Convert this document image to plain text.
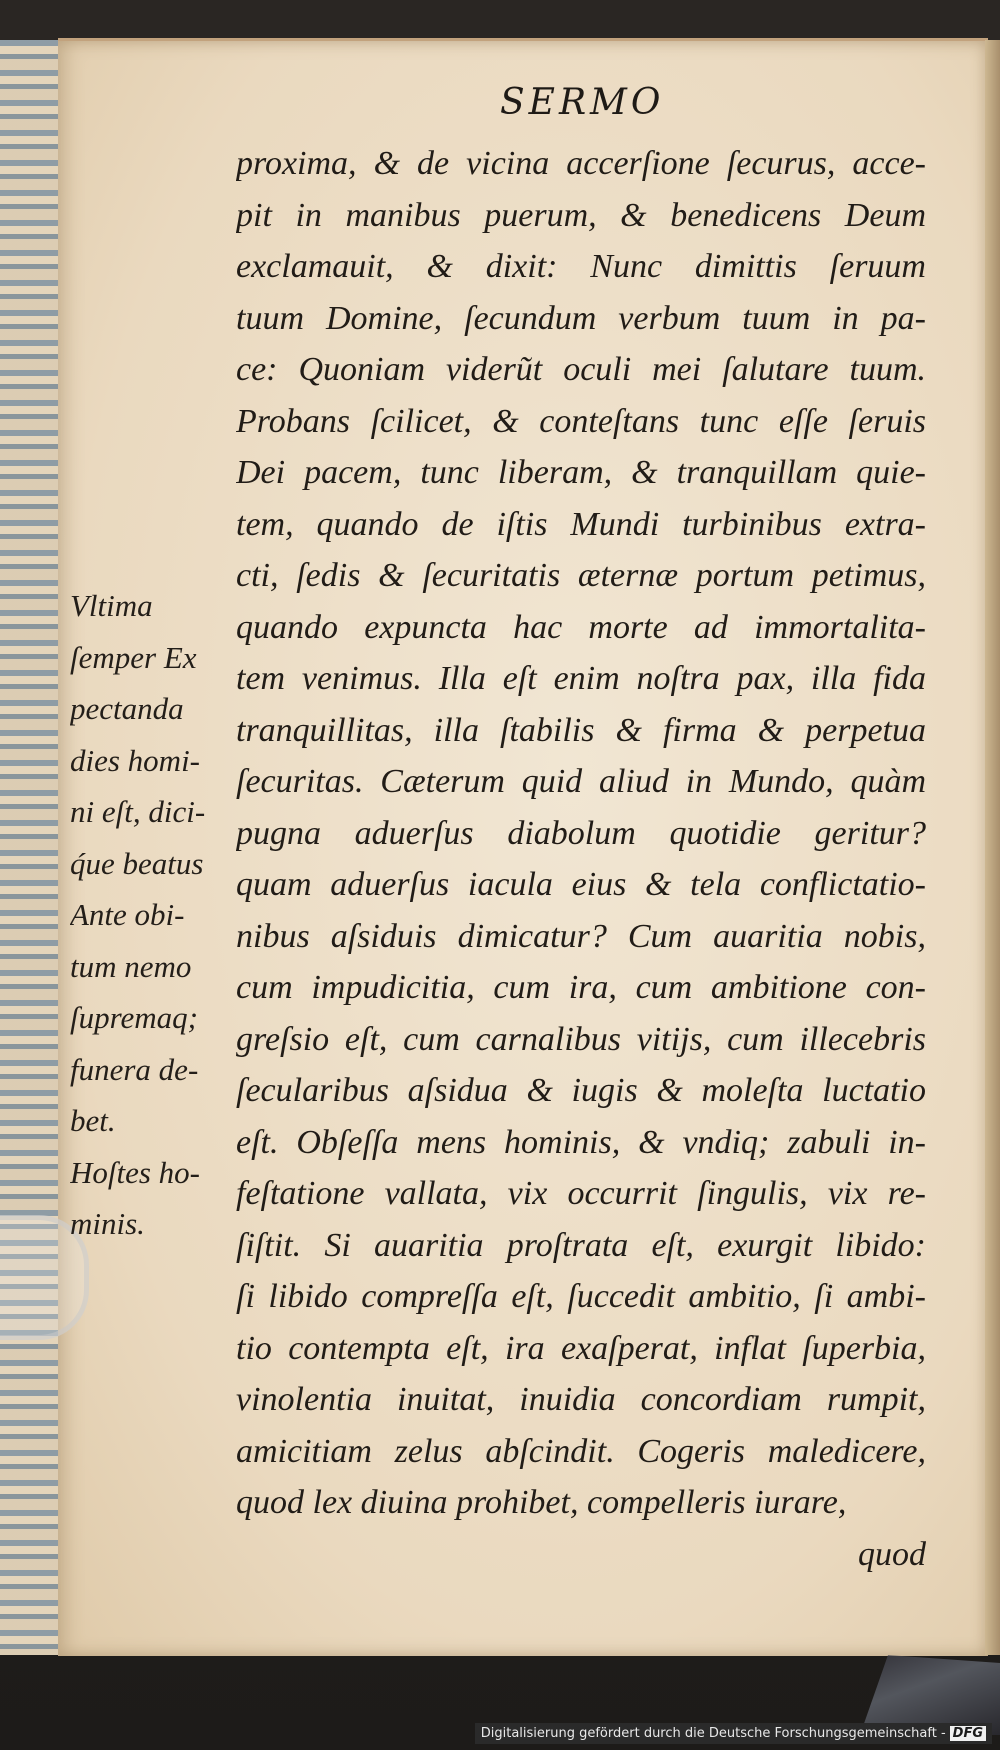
SERMO
proxima, & de vicina accerſione ſecurus, acce-
pit in manibus puerum, & benedicens Deum
exclamauit, & dixit: Nunc dimittis ſeruum
tuum Domine, ſecundum verbum tuum in pa-
ce: Quoniam viderũt oculi mei ſalutare tuum.
Probans ſcilicet, & conteſtans tunc eſſe ſeruis
Dei pacem, tunc liberam, & tranquillam quie-
tem, quando de iſtis Mundi turbinibus extra-
cti, ſedis & ſecuritatis æternæ portum petimus,
quando expuncta hac morte ad immortalita-
tem venimus. Illa eſt enim noſtra pax, illa fida
tranquillitas, illa ſtabilis & firma & perpetua
ſecuritas. Cæterum quid aliud in Mundo, quàm
pugna aduerſus diabolum quotidie geritur?
quam aduerſus iacula eius & tela conflictatio-
nibus aſsiduis dimicatur? Cum auaritia nobis,
cum impudicitia, cum ira, cum ambitione con-
greſsio eſt, cum carnalibus vitijs, cum illecebris
ſecularibus aſsidua & iugis & moleſta luctatio
eſt. Obſeſſa mens hominis, & vndiq; zabuli in-
feſtatione vallata, vix occurrit ſingulis, vix re-
ſiſtit. Si auaritia proſtrata eſt, exurgit libido:
ſi libido compreſſa eſt, ſuccedit ambitio, ſi ambi-
tio contempta eſt, ira exaſperat, inflat ſuperbia,
vinolentia inuitat, inuidia concordiam rumpit,
amicitiam zelus abſcindit. Cogeris maledicere,
quod lex diuina prohibet, compelleris iurare,
quod
Vltima
ſemper Ex
pectanda
dies homi-
ni eſt, dici-
q́ue beatus
Ante obi-
tum nemo
ſupremaq;
funera de-
bet.
Hoſtes ho-
minis.
Digitalisierung gefördert durch die Deutsche Forschungsgemeinschaft - DFG
